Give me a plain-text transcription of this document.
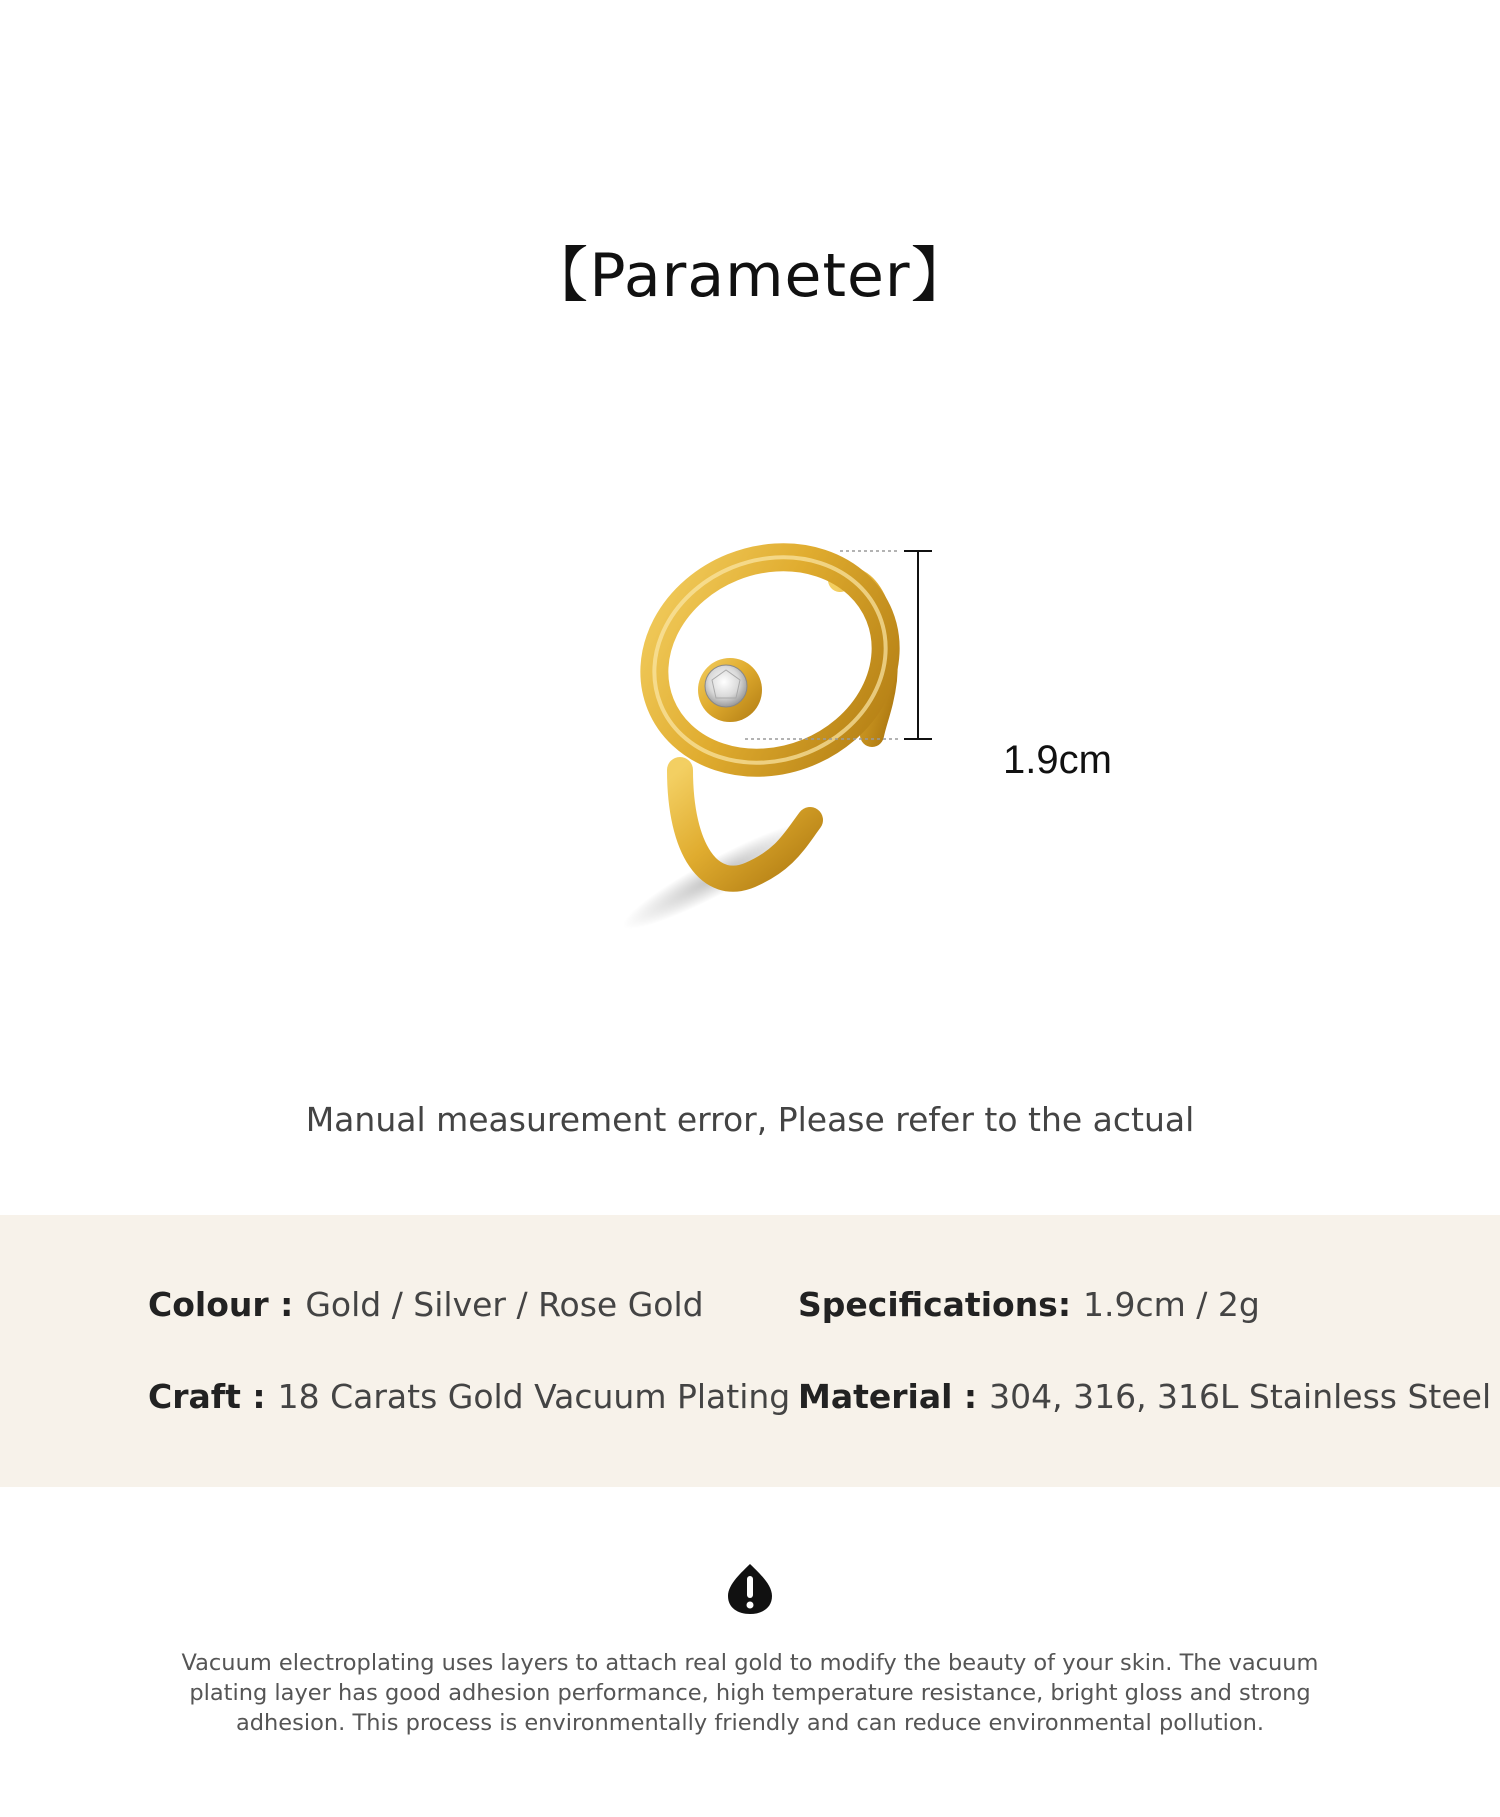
【Parameter】
1.9cm
Manual measurement error, Please refer to the actual
Colour : Gold / Silver / Rose Gold	Specifications: 1.9cm / 2g
Craft : 18 Carats Gold Vacuum Plating Material : 304, 316, 316L Stainless Steel

Vacuum electroplating uses layers to attach real gold to modify the beauty of your skin. The vacuum plating layer has good adhesion performance, high temperature resistance, bright gloss and strong adhesion. This process is environmentally friendly and can reduce environmental pollution.
